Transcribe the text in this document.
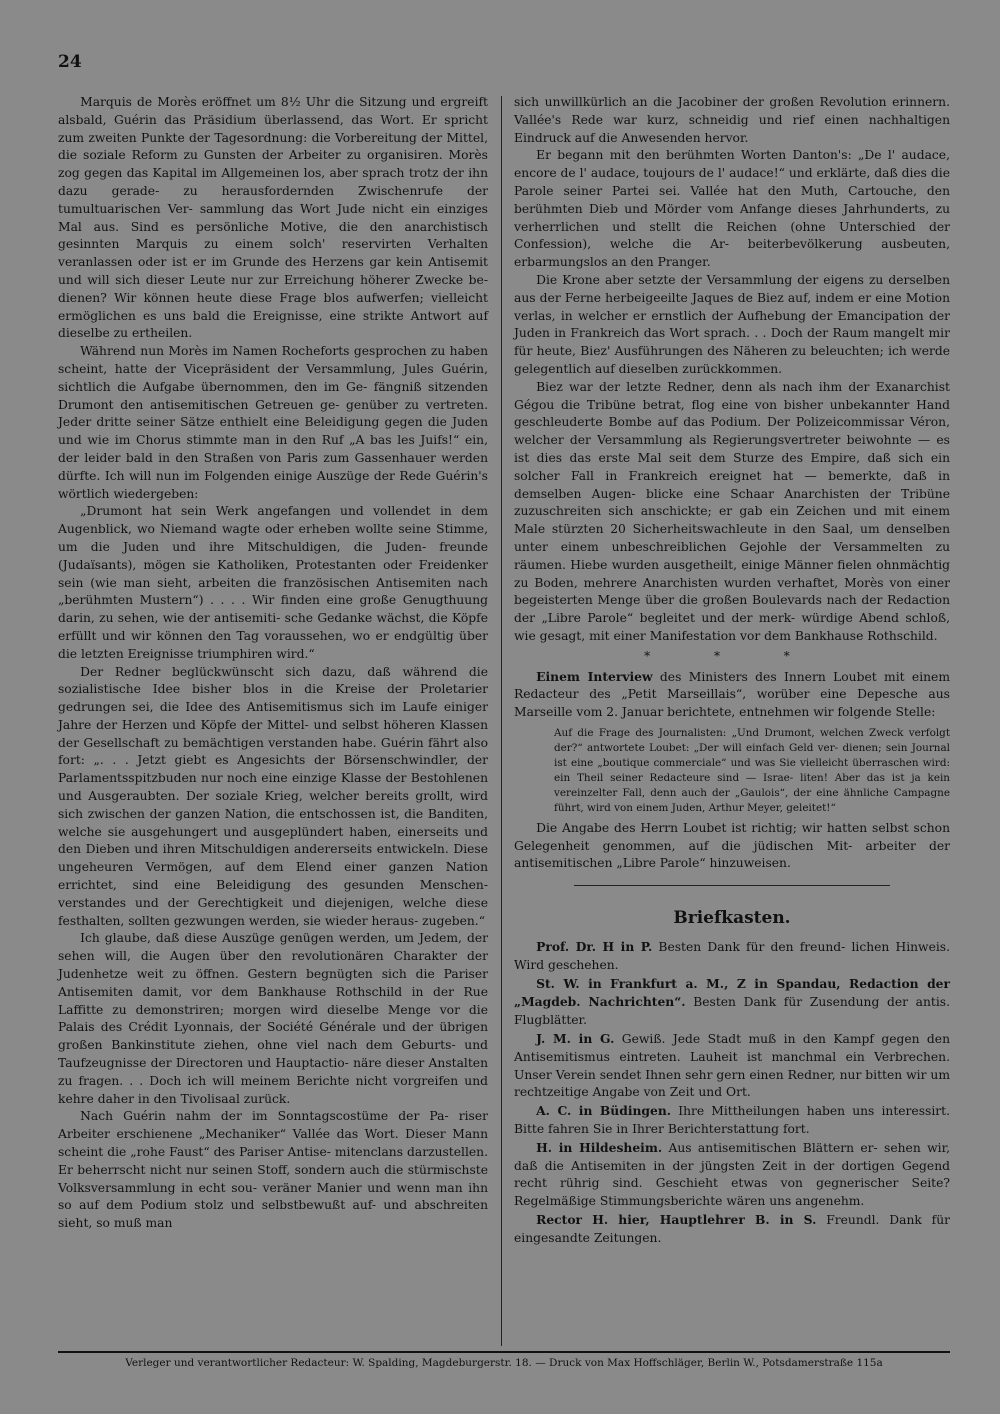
24

Marquis de Morès eröffnet um 8½ Uhr die Sitzung und ergreift alsbald, Guérin das Präsidium überlassend, das Wort. Er spricht zum zweiten Punkte der Tagesordnung: die Vorbereitung der Mittel, die soziale Reform zu Gunsten der Arbeiter zu organisiren. Morès zog gegen das Kapital im Allgemeinen los, aber sprach trotz der ihn dazu gerade- zu herausfordernden Zwischenrufe der tumultuarischen Ver- sammlung das Wort Jude nicht ein einziges Mal aus. Sind es persönliche Motive, die den anarchistisch gesinnten Marquis zu einem solch' reservirten Verhalten veranlassen oder ist er im Grunde des Herzens gar kein Antisemit und will sich dieser Leute nur zur Erreichung höherer Zwecke be- dienen? Wir können heute diese Frage blos aufwerfen; vielleicht ermöglichen es uns bald die Ereignisse, eine strikte Antwort auf dieselbe zu ertheilen.

Während nun Morès im Namen Rocheforts gesprochen zu haben scheint, hatte der Vicepräsident der Versammlung, Jules Guérin, sichtlich die Aufgabe übernommen, den im Ge- fängniß sitzenden Drumont den antisemitischen Getreuen ge- genüber zu vertreten. Jeder dritte seiner Sätze enthielt eine Beleidigung gegen die Juden und wie im Chorus stimmte man in den Ruf „A bas les Juifs!“ ein, der leider bald in den Straßen von Paris zum Gassenhauer werden dürfte. Ich will nun im Folgenden einige Auszüge der Rede Guérin's wörtlich wiedergeben:

„Drumont hat sein Werk angefangen und vollendet in dem Augenblick, wo Niemand wagte oder erheben wollte seine Stimme, um die Juden und ihre Mitschuldigen, die Juden- freunde (Judaïsants), mögen sie Katholiken, Protestanten oder Freidenker sein (wie man sieht, arbeiten die französischen Antisemiten nach „berühmten Mustern“) . . . . Wir finden eine große Genugthuung darin, zu sehen, wie der antisemiti- sche Gedanke wächst, die Köpfe erfüllt und wir können den Tag voraussehen, wo er endgültig über die letzten Ereignisse triumphiren wird.“

Der Redner beglückwünscht sich dazu, daß während die sozialistische Idee bisher blos in die Kreise der Proletarier gedrungen sei, die Idee des Antisemitismus sich im Laufe einiger Jahre der Herzen und Köpfe der Mittel- und selbst höheren Klassen der Gesellschaft zu bemächtigen verstanden habe. Guérin fährt also fort: „. . . Jetzt giebt es Angesichts der Börsenschwindler, der Parlamentsspitzbuden nur noch eine einzige Klasse der Bestohlenen und Ausgeraubten. Der soziale Krieg, welcher bereits grollt, wird sich zwischen der ganzen Nation, die entschossen ist, die Banditen, welche sie ausgehungert und ausgeplündert haben, einerseits und den Dieben und ihren Mitschuldigen andererseits entwickeln. Diese ungeheuren Vermögen, auf dem Elend einer ganzen Nation errichtet, sind eine Beleidigung des gesunden Menschen- verstandes und der Gerechtigkeit und diejenigen, welche diese festhalten, sollten gezwungen werden, sie wieder heraus- zugeben.“

Ich glaube, daß diese Auszüge genügen werden, um Jedem, der sehen will, die Augen über den revolutionären Charakter der Judenhetze weit zu öffnen. Gestern begnügten sich die Pariser Antisemiten damit, vor dem Bankhause Rothschild in der Rue Laffitte zu demonstriren; morgen wird dieselbe Menge vor die Palais des Crédit Lyonnais, der Société Générale und der übrigen großen Bankinstitute ziehen, ohne viel nach dem Geburts- und Taufzeugnisse der Directoren und Hauptactio- näre dieser Anstalten zu fragen. . . Doch ich will meinem Berichte nicht vorgreifen und kehre daher in den Tivolisaal zurück.

Nach Guérin nahm der im Sonntagscostüme der Pa- riser Arbeiter erschienene „Mechaniker“ Vallée das Wort. Dieser Mann scheint die „rohe Faust“ des Pariser Antise- mitenclans darzustellen. Er beherrscht nicht nur seinen Stoff, sondern auch die stürmischste Volksversammlung in echt sou- veräner Manier und wenn man ihn so auf dem Podium stolz und selbstbewußt auf- und abschreiten sieht, so muß man

sich unwillkürlich an die Jacobiner der großen Revolution erinnern. Vallée's Rede war kurz, schneidig und rief einen nachhaltigen Eindruck auf die Anwesenden hervor.

Er begann mit den berühmten Worten Danton's: „De l' audace, encore de l' audace, toujours de l' audace!“ und erklärte, daß dies die Parole seiner Partei sei. Vallée hat den Muth, Cartouche, den berühmten Dieb und Mörder vom Anfange dieses Jahrhunderts, zu verherrlichen und stellt die Reichen (ohne Unterschied der Confession), welche die Ar- beiterbevölkerung ausbeuten, erbarmungslos an den Pranger.

Die Krone aber setzte der Versammlung der eigens zu derselben aus der Ferne herbeigeeilte Jaques de Biez auf, indem er eine Motion verlas, in welcher er ernstlich der Aufhebung der Emancipation der Juden in Frankreich das Wort sprach. . . Doch der Raum mangelt mir für heute, Biez' Ausführungen des Näheren zu beleuchten; ich werde gelegentlich auf dieselben zurückkommen.

Biez war der letzte Redner, denn als nach ihm der Exanarchist Gégou die Tribüne betrat, flog eine von bisher unbekannter Hand geschleuderte Bombe auf das Podium. Der Polizeicommissar Véron, welcher der Versammlung als Regierungsvertreter beiwohnte — es ist dies das erste Mal seit dem Sturze des Empire, daß sich ein solcher Fall in Frankreich ereignet hat — bemerkte, daß in demselben Augen- blicke eine Schaar Anarchisten der Tribüne zuzuschreiten sich anschickte; er gab ein Zeichen und mit einem Male stürzten 20 Sicherheitswachleute in den Saal, um denselben unter einem unbeschreiblichen Gejohle der Versammelten zu räumen. Hiebe wurden ausgetheilt, einige Männer fielen ohnmächtig zu Boden, mehrere Anarchisten wurden verhaftet, Morès von einer begeisterten Menge über die großen Boulevards nach der Redaction der „Libre Parole“ begleitet und der merk- würdige Abend schloß, wie gesagt, mit einer Manifestation vor dem Bankhause Rothschild.

* * *

Einem Interview des Ministers des Innern Loubet mit einem Redacteur des „Petit Marseillais“, worüber eine Depesche aus Marseille vom 2. Januar berichtete, entnehmen wir folgende Stelle:

Auf die Frage des Journalisten: „Und Drumont, welchen Zweck verfolgt der?“ antwortete Loubet: „Der will einfach Geld ver- dienen; sein Journal ist eine „boutique commerciale“ und was Sie vielleicht überraschen wird: ein Theil seiner Redacteure sind — Israe- liten! Aber das ist ja kein vereinzelter Fall, denn auch der „Gaulois“, der eine ähnliche Campagne führt, wird von einem Juden, Arthur Meyer, geleitet!“

Die Angabe des Herrn Loubet ist richtig; wir hatten selbst schon Gelegenheit genommen, auf die jüdischen Mit- arbeiter der antisemitischen „Libre Parole“ hinzuweisen.

Briefkasten.

Prof. Dr. H in P. Besten Dank für den freund- lichen Hinweis. Wird geschehen.

St. W. in Frankfurt a. M., Z in Spandau, Redaction der „Magdeb. Nachrichten“. Besten Dank für Zusendung der antis. Flugblätter.

J. M. in G. Gewiß. Jede Stadt muß in den Kampf gegen den Antisemitismus eintreten. Lauheit ist manchmal ein Verbrechen. Unser Verein sendet Ihnen sehr gern einen Redner, nur bitten wir um rechtzeitige Angabe von Zeit und Ort.

A. C. in Büdingen. Ihre Mittheilungen haben uns interessirt. Bitte fahren Sie in Ihrer Berichterstattung fort.

H. in Hildesheim. Aus antisemitischen Blättern er- sehen wir, daß die Antisemiten in der jüngsten Zeit in der dortigen Gegend recht rührig sind. Geschieht etwas von gegnerischer Seite? Regelmäßige Stimmungsberichte wären uns angenehm.

Rector H. hier, Hauptlehrer B. in S. Freundl. Dank für eingesandte Zeitungen.

Verleger und verantwortlicher Redacteur: W. Spalding, Magdeburgerstr. 18. — Druck von Max Hoffschläger, Berlin W., Potsdamerstraße 115a
